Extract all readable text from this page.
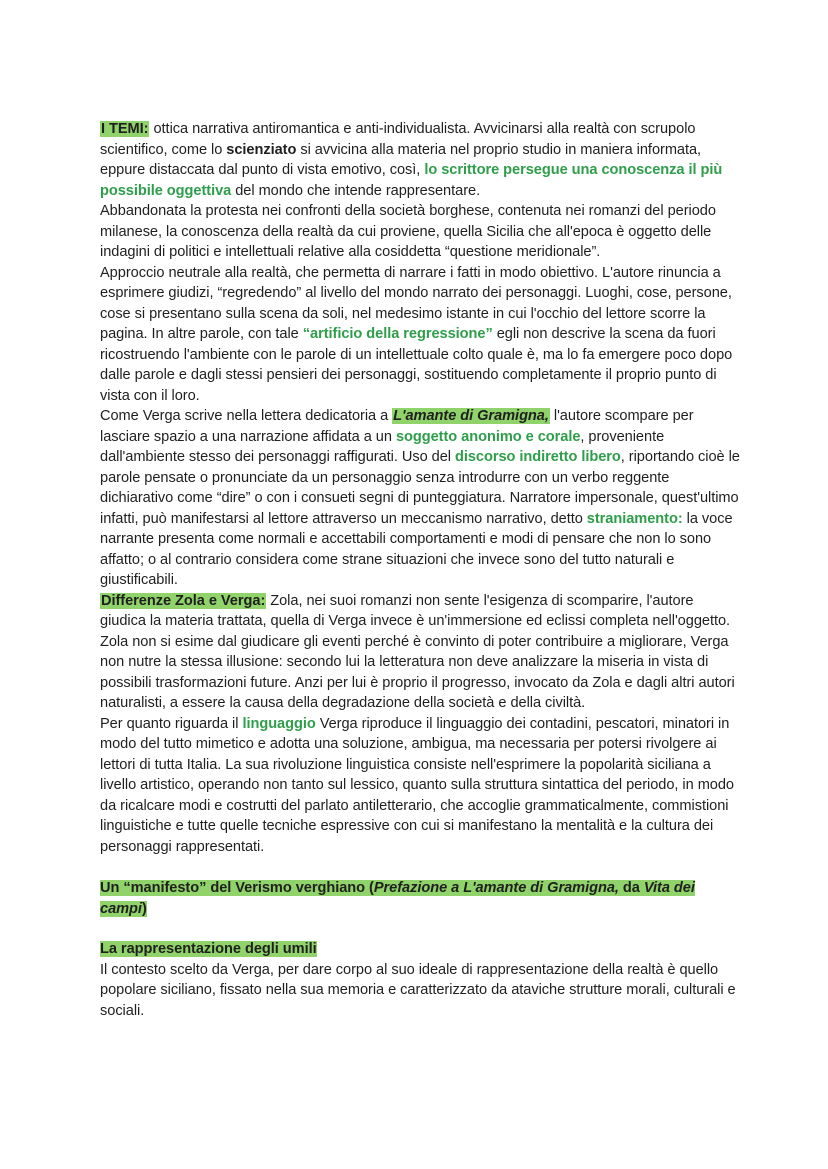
I TEMI: ottica narrativa antiromantica e anti-individualista. Avvicinarsi alla realtà con scrupolo scientifico, come lo scienziato si avvicina alla materia nel proprio studio in maniera informata, eppure distaccata dal punto di vista emotivo, così, lo scrittore persegue una conoscenza il più possibile oggettiva del mondo che intende rappresentare.

Abbandonata la protesta nei confronti della società borghese, contenuta nei romanzi del periodo milanese, la conoscenza della realtà da cui proviene, quella Sicilia che all'epoca è oggetto delle indagini di politici e intellettuali relative alla cosiddetta “questione meridionale”.

Approccio neutrale alla realtà, che permetta di narrare i fatti in modo obiettivo. L'autore rinuncia a esprimere giudizi, “regredendo” al livello del mondo narrato dei personaggi. Luoghi, cose, persone, cose si presentano sulla scena da soli, nel medesimo istante in cui l'occhio del lettore scorre la pagina. In altre parole, con tale “artificio della regressione” egli non descrive la scena da fuori ricostruendo l'ambiente con le parole di un intellettuale colto quale è, ma lo fa emergere poco dopo dalle parole e dagli stessi pensieri dei personaggi, sostituendo completamente il proprio punto di vista con il loro.

Come Verga scrive nella lettera dedicatoria a L'amante di Gramigna, l'autore scompare per lasciare spazio a una narrazione affidata a un soggetto anonimo e corale, proveniente dall'ambiente stesso dei personaggi raffigurati. Uso del discorso indiretto libero, riportando cioè le parole pensate o pronunciate da un personaggio senza introdurre con un verbo reggente dichiarativo come “dire” o con i consueti segni di punteggiatura. Narratore impersonale, quest'ultimo infatti, può manifestarsi al lettore attraverso un meccanismo narrativo, detto straniamento: la voce narrante presenta come normali e accettabili comportamenti e modi di pensare che non lo sono affatto; o al contrario considera come strane situazioni che invece sono del tutto naturali e giustificabili.

Differenze Zola e Verga: Zola, nei suoi romanzi non sente l'esigenza di scomparire, l'autore giudica la materia trattata, quella di Verga invece è un'immersione ed eclissi completa nell'oggetto.

Zola non si esime dal giudicare gli eventi perché è convinto di poter contribuire a migliorare, Verga non nutre la stessa illusione: secondo lui la letteratura non deve analizzare la miseria in vista di possibili trasformazioni future. Anzi per lui è proprio il progresso, invocato da Zola e dagli altri autori naturalisti, a essere la causa della degradazione della società e della civiltà.

Per quanto riguarda il linguaggio Verga riproduce il linguaggio dei contadini, pescatori, minatori in modo del tutto mimetico e adotta una soluzione, ambigua, ma necessaria per potersi rivolgere ai lettori di tutta Italia. La sua rivoluzione linguistica consiste nell'esprimere la popolarità siciliana a livello artistico, operando non tanto sul lessico, quanto sulla struttura sintattica del periodo, in modo da ricalcare modi e costrutti del parlato antiletterario, che accoglie grammaticalmente, commistioni linguistiche e tutte quelle tecniche espressive con cui si manifestano la mentalità e la cultura dei personaggi rappresentati.

Un “manifesto” del Verismo verghiano (Prefazione a L'amante di Gramigna, da Vita dei campi)

La rappresentazione degli umili

Il contesto scelto da Verga, per dare corpo al suo ideale di rappresentazione della realtà è quello popolare siciliano, fissato nella sua memoria e caratterizzato da ataviche strutture morali, culturali e sociali.
